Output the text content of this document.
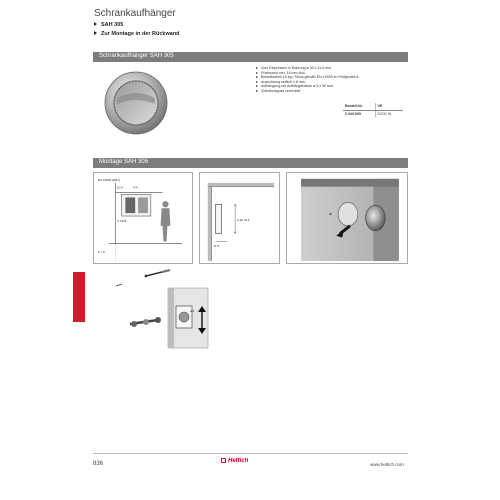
Schrankaufhänger
SAH 305
Zur Montage in der Rückwand
Schrankaufhänger SAH 305
Zum Einpressen in Bohrung ø 30 x 11,5 mm
Rückwand min. 16 mm dick
Belastbarkeit 15 kg / Stück gemäß EN 15939 im Prüfgestell A
Ausrichtung seitlich ± 8 mm
Aufhängung mit Aufhängehaken ø 6 x 50 mm
Zinkdruckguss vernickelt
Bestell-Nr.	VE
0 040 609	5/100 St.
Montage SAH 305
EN 15939 (2011)
22 N	4 N
≥ 1325
F = 0
ø 30 +0,2
11,5
ø 6
836	Hettich
www.hettich.com
